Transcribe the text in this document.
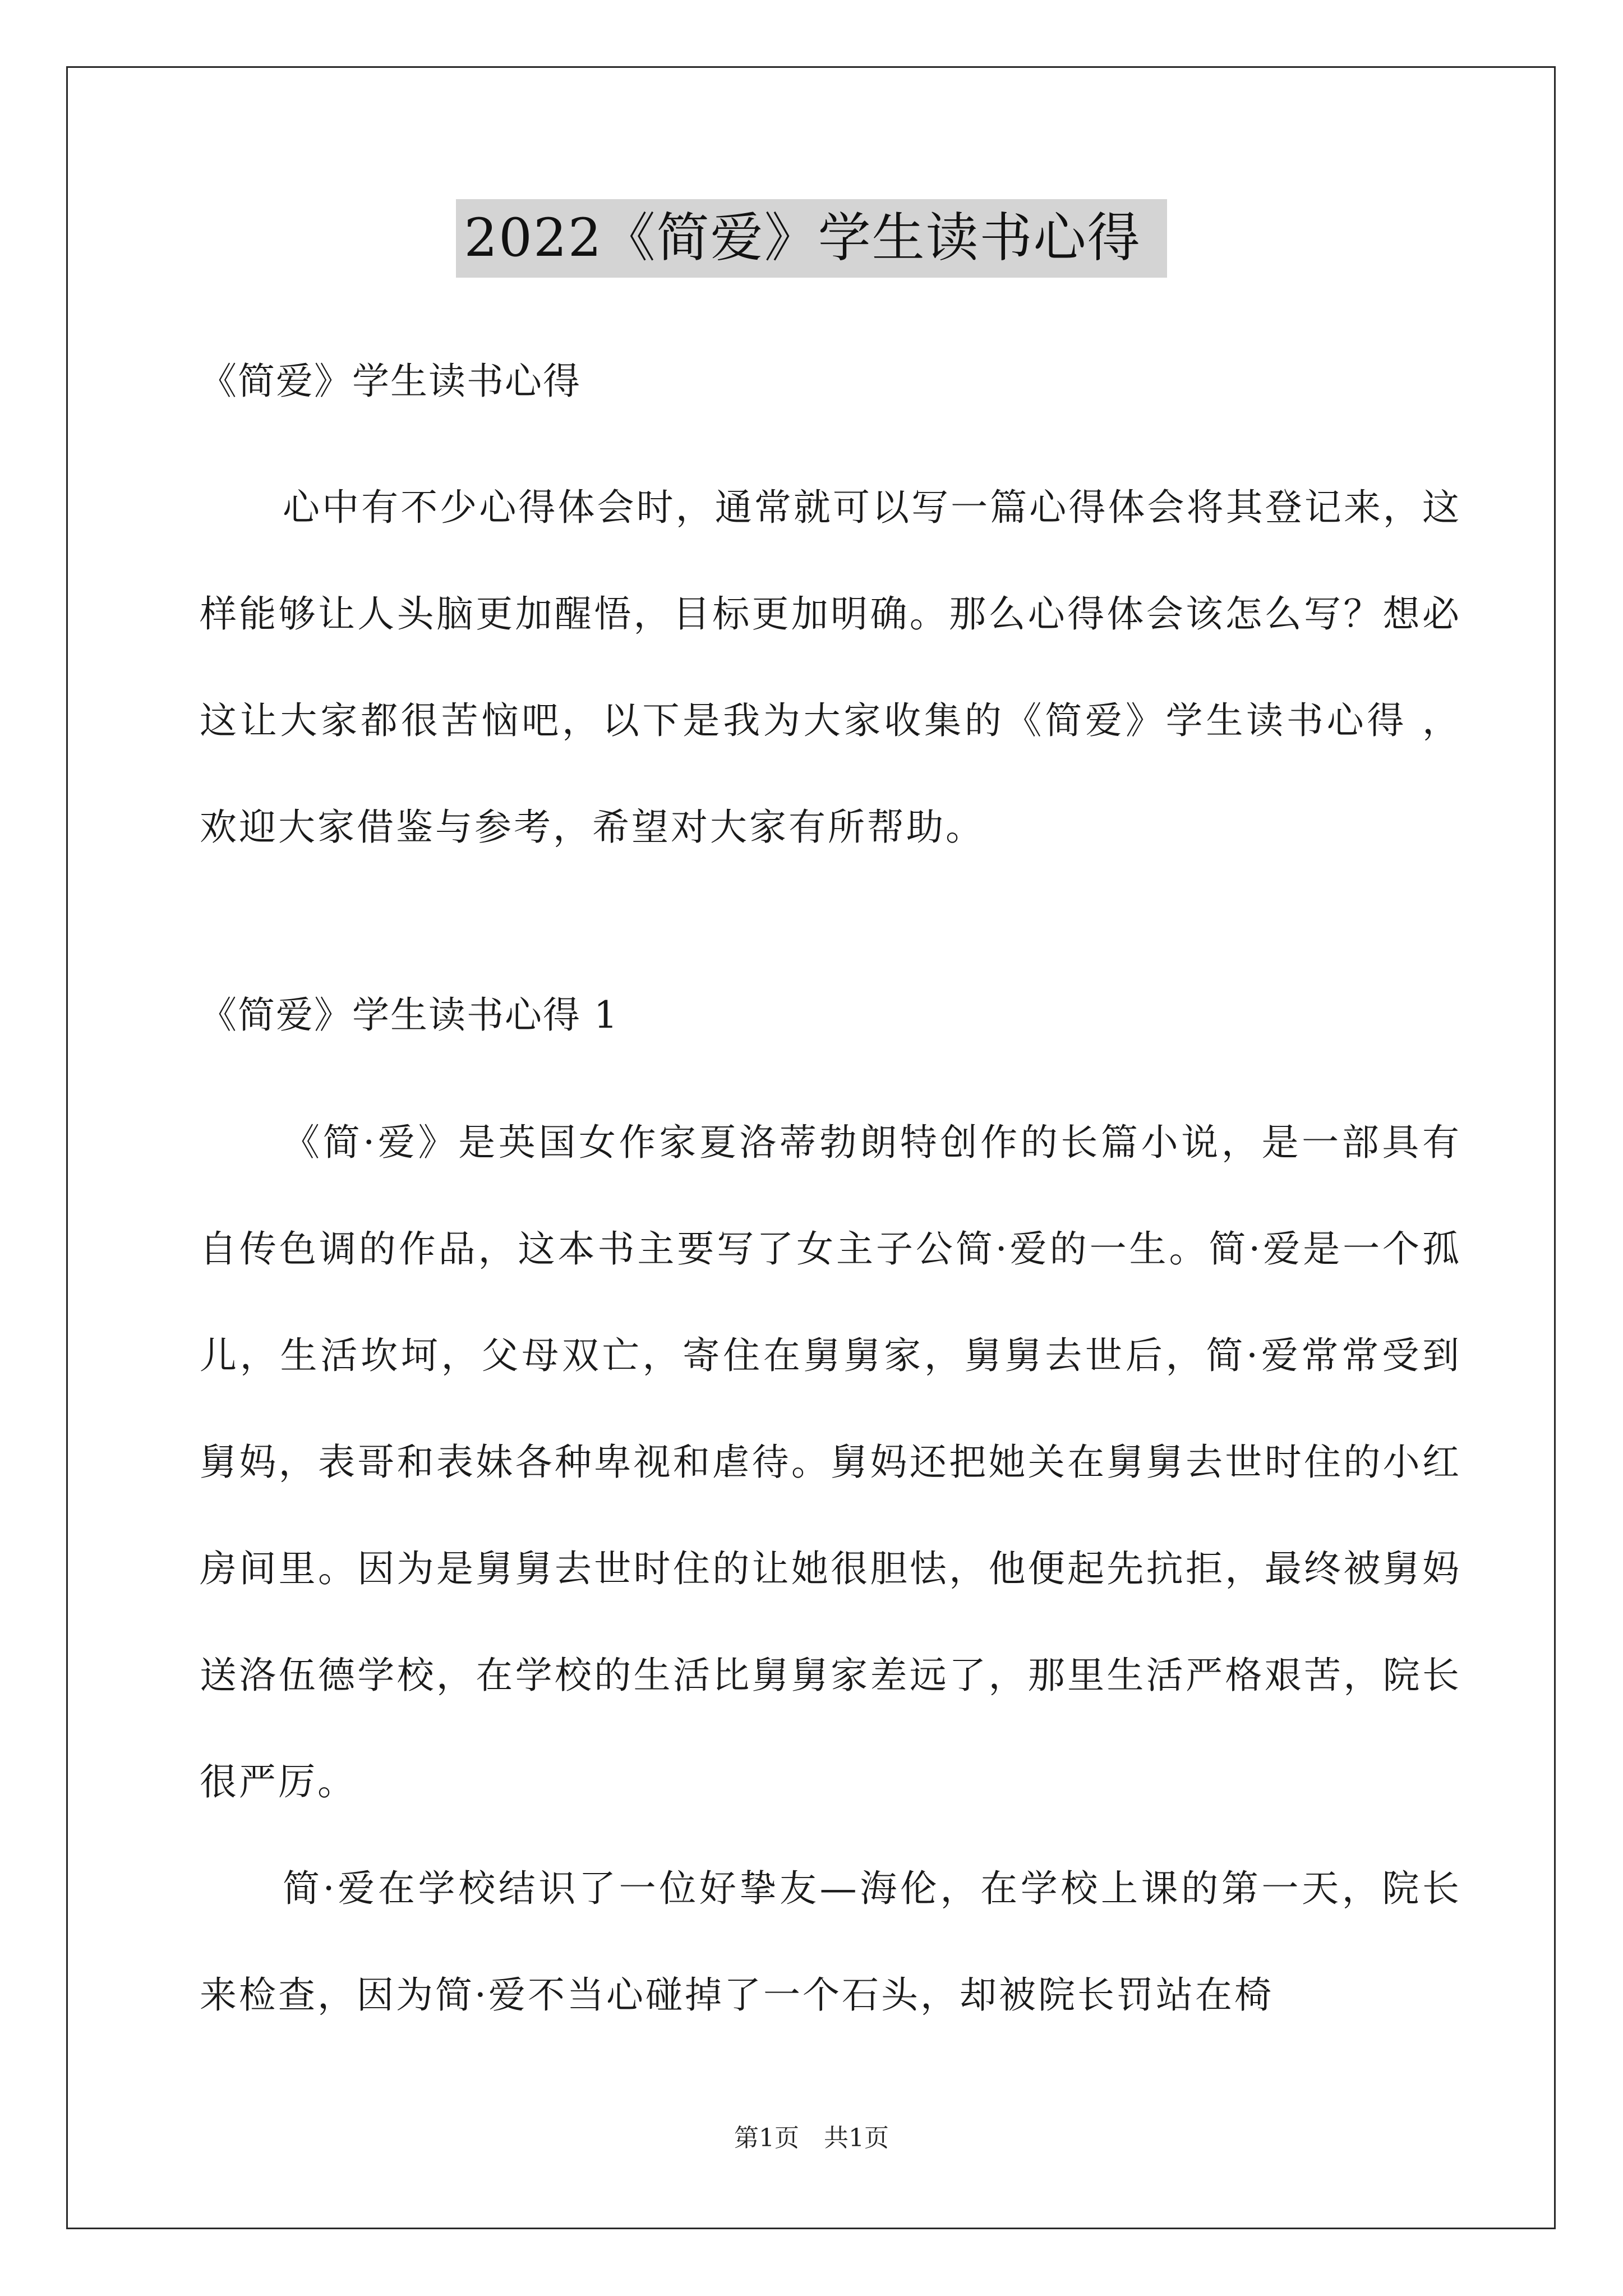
2022《简爱》学生读书心得

《简爱》学生读书心得

心中有不少心得体会时，通常就可以写一篇心得体会将其登记来，这样能够让人头脑更加醒悟，目标更加明确。那么心得体会该怎么写？想必这让大家都很苦恼吧，以下是我为大家收集的《简爱》学生读书心得 ，欢迎大家借鉴与参考，希望对大家有所帮助。

《简爱》学生读书心得 1

《简·爱》是英国女作家夏洛蒂勃朗特创作的长篇小说，是一部具有自传色调的作品，这本书主要写了女主子公简·爱的一生。简·爱是一个孤儿，生活坎坷，父母双亡，寄住在舅舅家，舅舅去世后，简·爱常常受到舅妈，表哥和表妹各种卑视和虐待。舅妈还把她关在舅舅去世时住的小红房间里。因为是舅舅去世时住的让她很胆怯，他便起先抗拒，最终被舅妈送洛伍德学校，在学校的生活比舅舅家差远了，那里生活严格艰苦，院长很严厉。

简·爱在学校结识了一位好挚友—海伦，在学校上课的第一天，院长来检查，因为简·爱不当心碰掉了一个石头，却被院长罚站在椅

第1页　共1页
